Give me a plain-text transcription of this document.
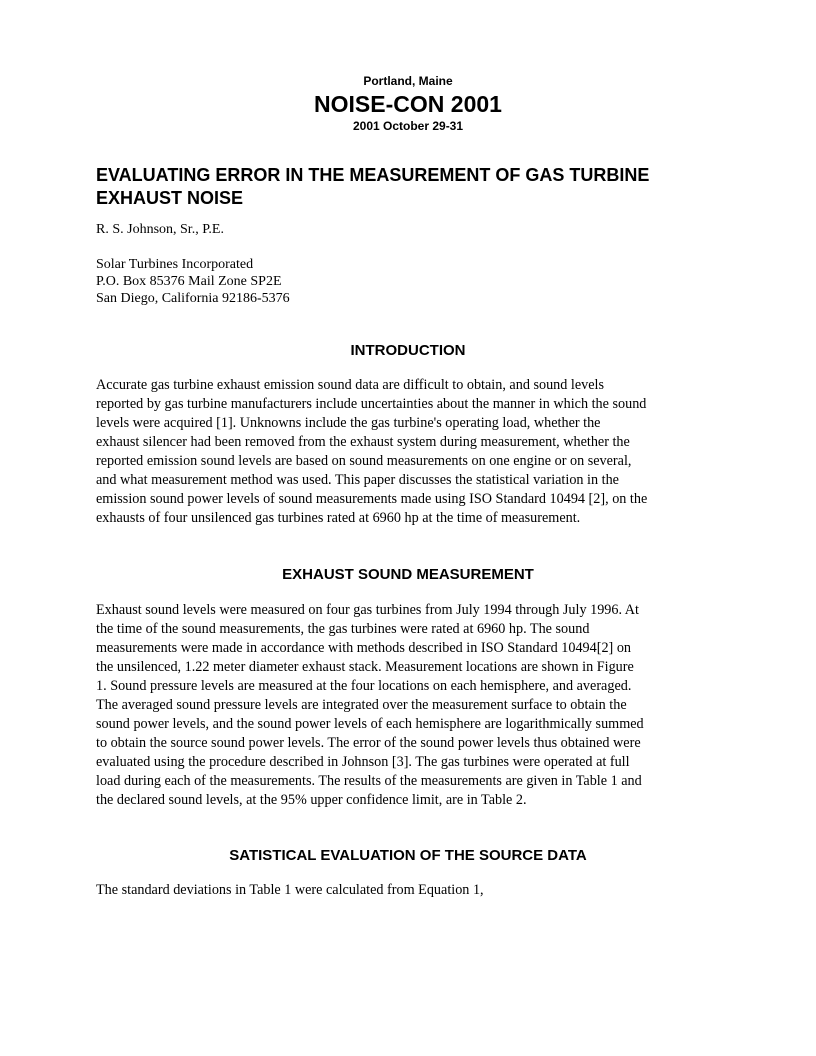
Portland, Maine
NOISE-CON 2001
2001 October 29-31
EVALUATING ERROR IN THE MEASUREMENT OF GAS TURBINE
EXHAUST NOISE
R. S. Johnson, Sr., P.E.
Solar Turbines Incorporated
P.O. Box 85376 Mail Zone SP2E
San Diego, California 92186-5376
INTRODUCTION
Accurate gas turbine exhaust emission sound data are difficult to obtain, and sound levels
reported by gas turbine manufacturers include uncertainties about the manner in which the sound
levels were acquired [1]. Unknowns include the gas turbine's operating load, whether the
exhaust silencer had been removed from the exhaust system during measurement, whether the
reported emission sound levels are based on sound measurements on one engine or on several,
and what measurement method was used. This paper discusses the statistical variation in the
emission sound power levels of sound measurements made using ISO Standard 10494 [2], on the
exhausts of four unsilenced gas turbines rated at 6960 hp at the time of measurement.
EXHAUST SOUND MEASUREMENT
Exhaust sound levels were measured on four gas turbines from July 1994 through July 1996. At
the time of the sound measurements, the gas turbines were rated at 6960 hp. The sound
measurements were made in accordance with methods described in ISO Standard 10494[2] on
the unsilenced, 1.22 meter diameter exhaust stack. Measurement locations are shown in Figure
1. Sound pressure levels are measured at the four locations on each hemisphere, and averaged.
The averaged sound pressure levels are integrated over the measurement surface to obtain the
sound power levels, and the sound power levels of each hemisphere are logarithmically summed
to obtain the source sound power levels. The error of the sound power levels thus obtained were
evaluated using the procedure described in Johnson [3]. The gas turbines were operated at full
load during each of the measurements. The results of the measurements are given in Table 1 and
the declared sound levels, at the 95% upper confidence limit, are in Table 2.
SATISTICAL EVALUATION OF THE SOURCE DATA
The standard deviations in Table 1 were calculated from Equation 1,
